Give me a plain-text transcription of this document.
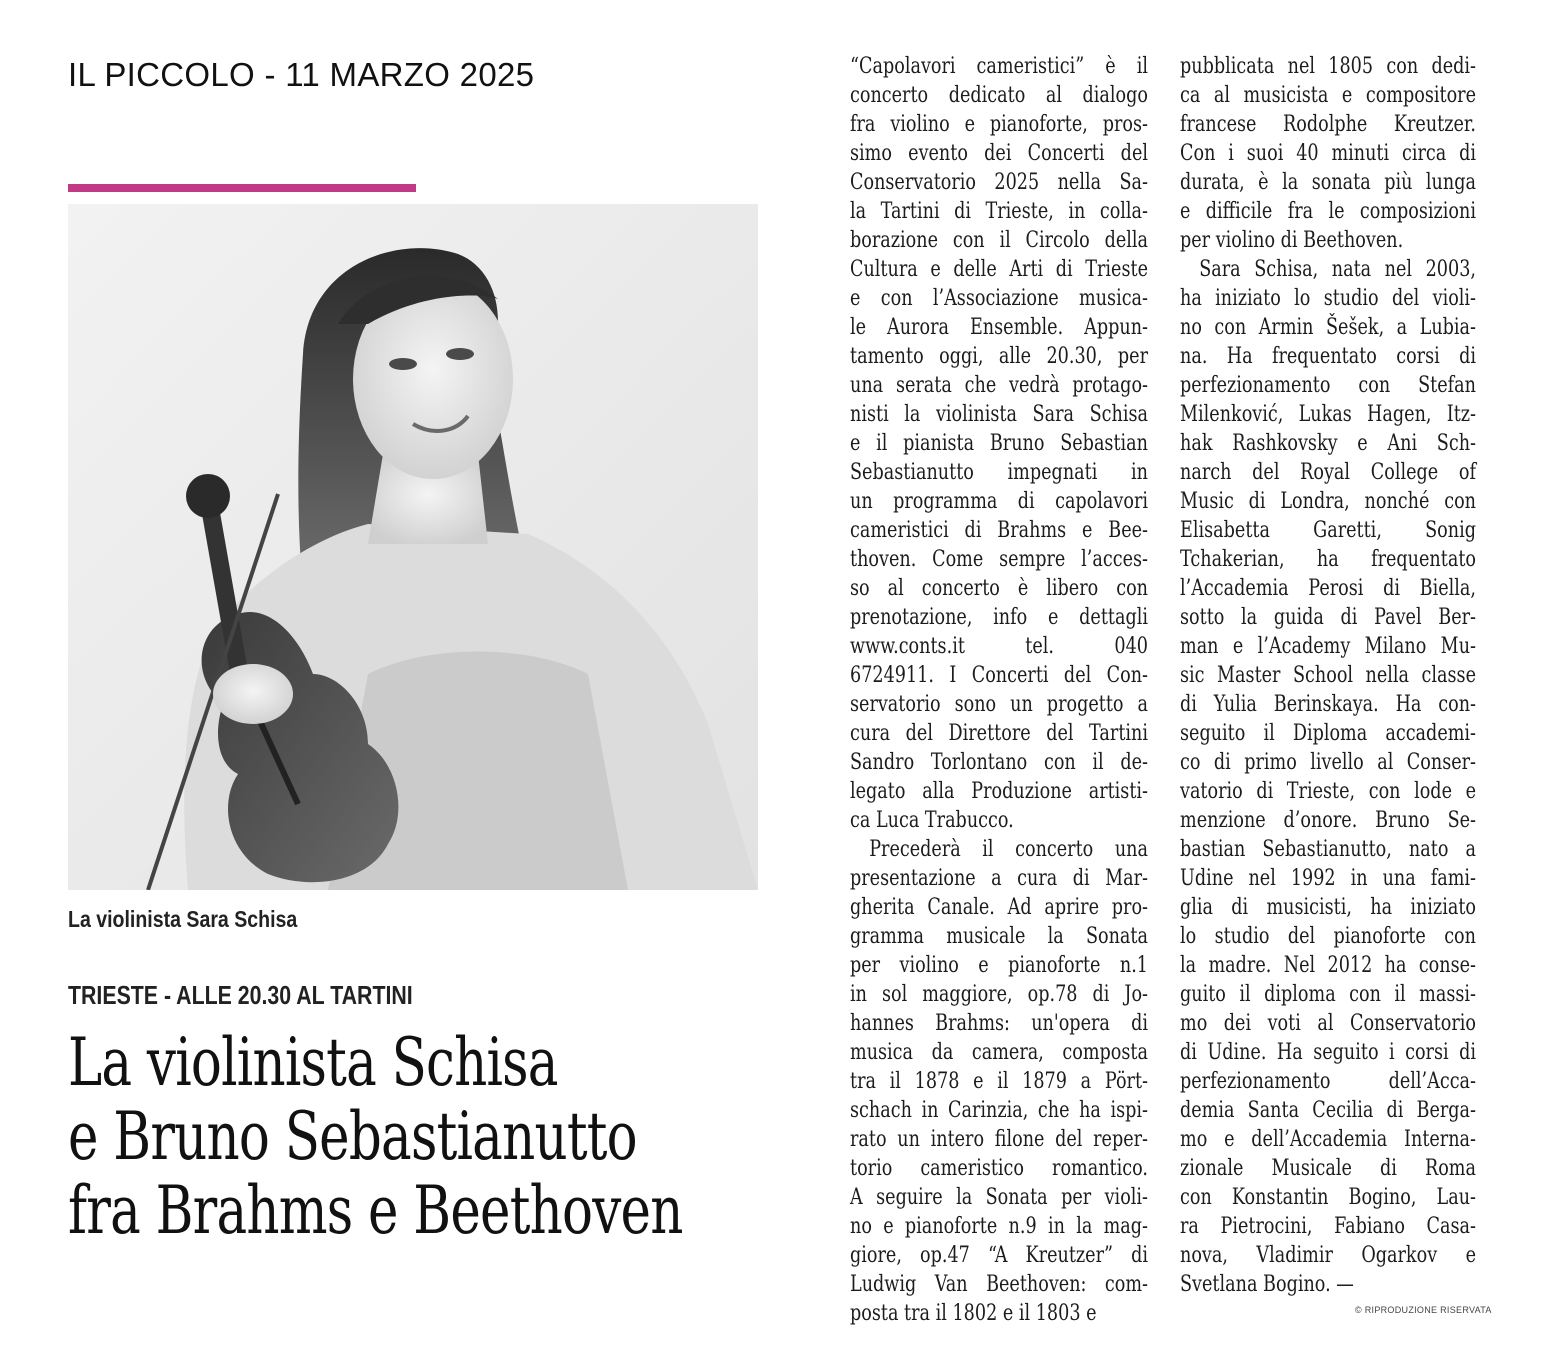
IL PICCOLO - 11 MARZO 2025
La violinista Sara Schisa
TRIESTE - ALLE 20.30 AL TARTINI
La violinista Schisa
e Bruno Sebastianutto
fra Brahms e Beethoven
“Capolavori cameristici” è il
concerto dedicato al dialogo
fra violino e pianoforte, pros-
simo evento dei Concerti del
Conservatorio 2025 nella Sa-
la Tartini di Trieste, in colla-
borazione con il Circolo della
Cultura e delle Arti di Trieste
e con l’Associazione musica-
le Aurora Ensemble. Appun-
tamento oggi, alle 20.30, per
una serata che vedrà protago-
nisti la violinista Sara Schisa
e il pianista Bruno Sebastian
Sebastianutto impegnati in
un programma di capolavori
cameristici di Brahms e Bee-
thoven. Come sempre l’acces-
so al concerto è libero con
prenotazione, info e dettagli
www.conts.it tel. 040
6724911. I Concerti del Con-
servatorio sono un progetto a
cura del Direttore del Tartini
Sandro Torlontano con il de-
legato alla Produzione artisti-
ca Luca Trabucco.
Precederà il concerto una
presentazione a cura di Mar-
gherita Canale. Ad aprire pro-
gramma musicale la Sonata
per violino e pianoforte n.1
in sol maggiore, op.78 di Jo-
hannes Brahms: un'opera di
musica da camera, composta
tra il 1878 e il 1879 a Pört-
schach in Carinzia, che ha ispi-
rato un intero filone del reper-
torio cameristico romantico.
A seguire la Sonata per violi-
no e pianoforte n.9 in la mag-
giore, op.47 “A Kreutzer” di
Ludwig Van Beethoven: com-
posta tra il 1802 e il 1803 e
pubblicata nel 1805 con dedi-
ca al musicista e compositore
francese Rodolphe Kreutzer.
Con i suoi 40 minuti circa di
durata, è la sonata più lunga
e difficile fra le composizioni
per violino di Beethoven.
Sara Schisa, nata nel 2003,
ha iniziato lo studio del violi-
no con Armin Šešek, a Lubia-
na. Ha frequentato corsi di
perfezionamento con Stefan
Milenković, Lukas Hagen, Itz-
hak Rashkovsky e Ani Sch-
narch del Royal College of
Music di Londra, nonché con
Elisabetta Garetti, Sonig
Tchakerian, ha frequentato
l’Accademia Perosi di Biella,
sotto la guida di Pavel Ber-
man e l’Academy Milano Mu-
sic Master School nella classe
di Yulia Berinskaya. Ha con-
seguito il Diploma accademi-
co di primo livello al Conser-
vatorio di Trieste, con lode e
menzione d’onore. Bruno Se-
bastian Sebastianutto, nato a
Udine nel 1992 in una fami-
glia di musicisti, ha iniziato
lo studio del pianoforte con
la madre. Nel 2012 ha conse-
guito il diploma con il massi-
mo dei voti al Conservatorio
di Udine. Ha seguito i corsi di
perfezionamento dell’Acca-
demia Santa Cecilia di Berga-
mo e dell’Accademia Interna-
zionale Musicale di Roma
con Konstantin Bogino, Lau-
ra Pietrocini, Fabiano Casa-
nova, Vladimir Ogarkov e
Svetlana Bogino. —
© RIPRODUZIONE RISERVATA
